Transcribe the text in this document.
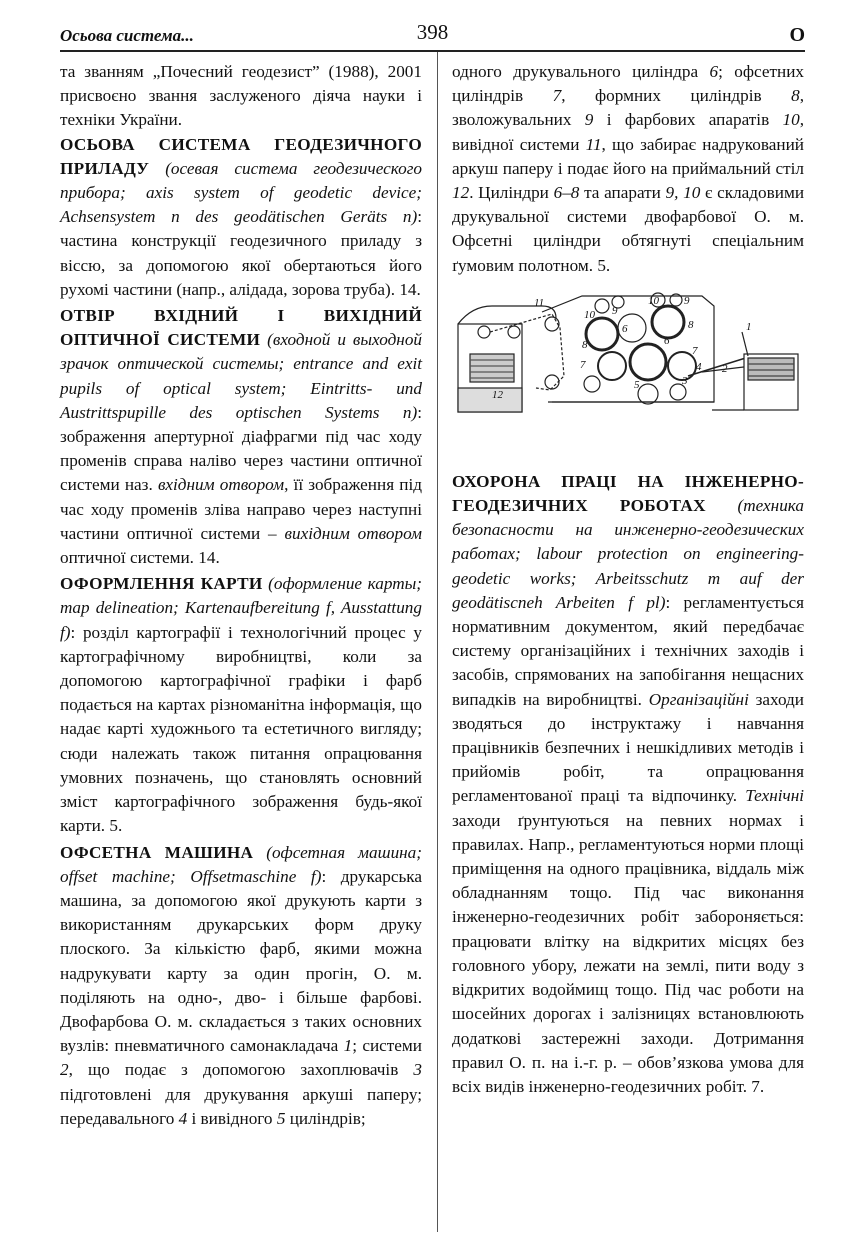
Осьова система...	398	О

та званням „Почесний геодезист” (1988), 2001 присвоєно звання заслуженого діяча науки і техніки України.

ОСЬОВА СИСТЕМА ГЕОДЕЗИЧНОГО ПРИЛАДУ (осевая система геодезического прибора; axis system of geodetic device; Achsensystem n des geodätischen Geräts n): частина конструкції геодезичного приладу з віссю, за допомогою якої обертаються його рухомі частини (напр., алідада, зорова труба). 14.

ОТВІР ВХІДНИЙ І ВИХІДНИЙ ОПТИЧНОЇ СИСТЕМИ (входной и выходной зрачок оптической системы; entrance and exit pupils of optical system; Eintritts- und Austrittspupille des optischen Systems n): зображення апертурної діафрагми під час ходу променів справа наліво через частини оптичної системи наз. вхідним отвором, її зображення під час ходу променів зліва направо через наступні частини оптичної системи – вихідним отвором оптичної системи. 14.

ОФОРМЛЕННЯ КАРТИ (оформление карты; map delineation; Kartenaufbereitung f, Ausstattung f): розділ картографії і технологічний процес у картографічному виробництві, коли за допомогою картографічної графіки і фарб подається на картах різноманітна інформація, що надає карті художнього та естетичного вигляду; сюди належать також питання опрацювання умовних позначень, що становлять основний зміст картографічного зображення будь-якої карти. 5.

ОФСЕТНА МАШИНА (офсетная машина; offset machine; Offsetmaschine f): друкарська машина, за допомогою якої друкують карти з використанням друкарських форм друку плоского. За кількістю фарб, якими можна надрукувати карту за один прогін, О. м. поділяють на одно-, дво- і більше фарбові. Двофарбова О. м. складається з таких основних вузлів: пневматичного самонакладача 1; системи 2, що подає з допомогою захоплювачів 3 підготовлені для друкування аркуші паперу; передавального 4 і вивідного 5 циліндрів;

одного друкувального циліндра 6; офсетних циліндрів 7, формних циліндрів 8, зволожувальних 9 і фарбових апаратів 10, вивідної системи 11, що забирає надрукований аркуш паперу і подає його на приймальний стіл 12. Циліндри 6–8 та апарати 9, 10 є складовими друкувальної системи двофарбової О. м. Офсетні циліндри обтягнуті спеціальним ґумовим полотном. 5.

11
10 9
10 9
6	8
8	7
7
6
4
3
2
1
5
12

ОХОРОНА ПРАЦІ НА ІНЖЕНЕРНО-ГЕОДЕЗИЧНИХ РОБОТАХ (техника безопасности на инженерно-геодезических работах; labour protection on engineering-geodetic works; Arbeitsschutz m auf der geodätiscneh Arbeiten f pl): регламентується нормативним документом, який передбачає систему організаційних і технічних заходів і засобів, спрямованих на запобігання нещасних випадків на виробництві. Організаційні заходи зводяться до інструктажу і навчання працівників безпечних і нешкідливих методів і прийомів робіт, та опрацювання регламентованої праці та відпочинку. Технічні заходи ґрунтуються на певних нормах і правилах. Напр., регламентуються норми площі приміщення на одного працівника, віддаль між обладнанням тощо. Під час виконання інженерно-геодезичних робіт забороняється: працювати влітку на відкритих місцях без головного убору, лежати на землі, пити воду з відкритих водоймищ тощо. Під час роботи на шосейних дорогах і залізницях встановлюють додаткові застережні заходи. Дотримання правил О. п. на і.-г. р. – обов’язкова умова для всіх видів інженерно-геодезичних робіт. 7.
